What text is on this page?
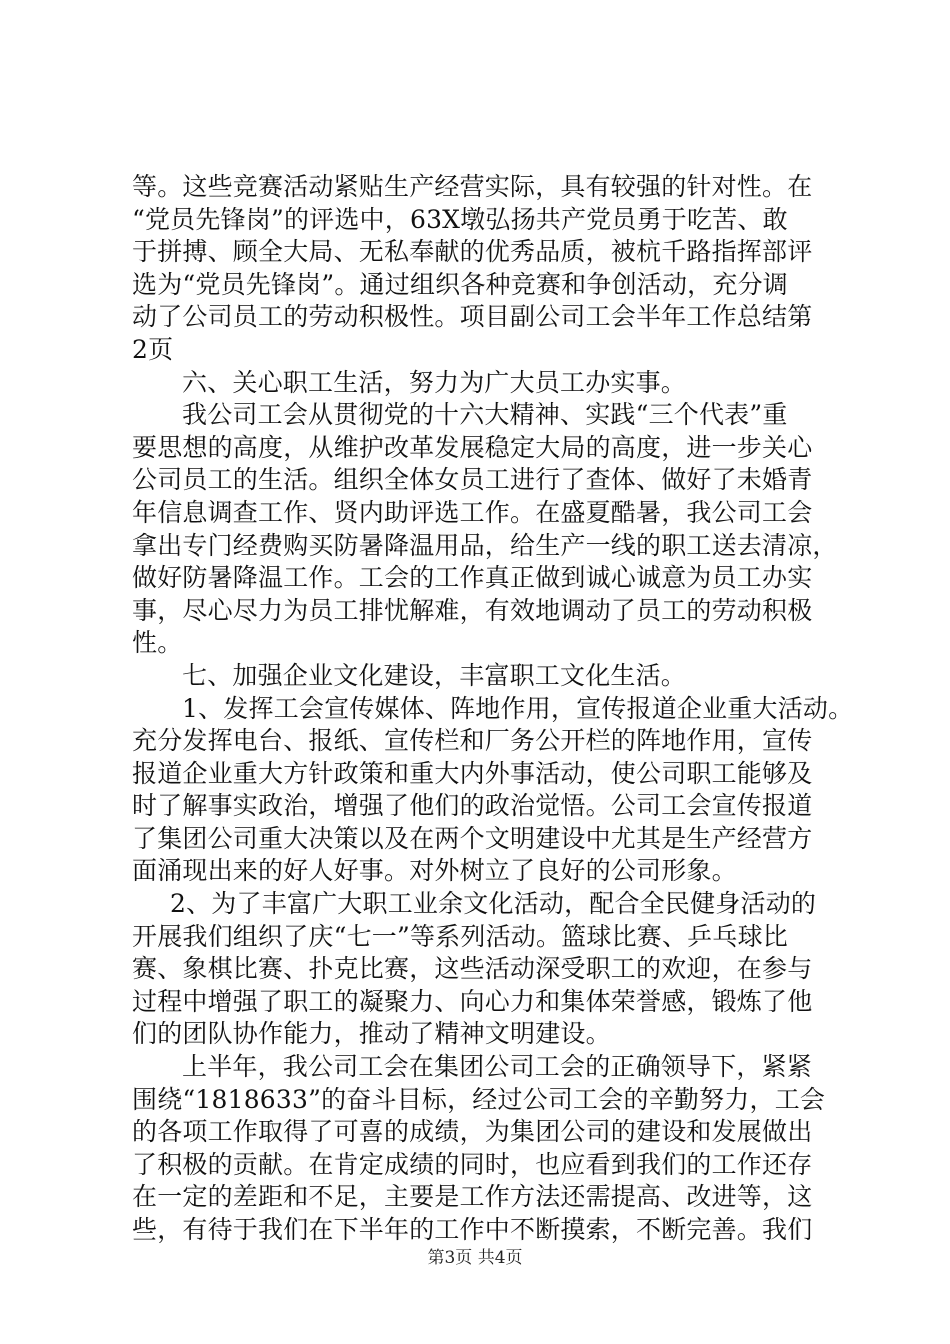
等。这些竞赛活动紧贴生产经营实际，具有较强的针对性。在
“党员先锋岗”的评选中，63X墩弘扬共产党员勇于吃苦、敢
于拼搏、顾全大局、无私奉献的优秀品质，被杭千路指挥部评
选为“党员先锋岗”。通过组织各种竞赛和争创活动，充分调
动了公司员工的劳动积极性。项目副公司工会半年工作总结第
2页
六、关心职工生活，努力为广大员工办实事。
我公司工会从贯彻党的十六大精神、实践“三个代表”重
要思想的高度，从维护改革发展稳定大局的高度，进一步关心
公司员工的生活。组织全体女员工进行了查体、做好了未婚青
年信息调查工作、贤内助评选工作。在盛夏酷暑，我公司工会
拿出专门经费购买防暑降温用品，给生产一线的职工送去清凉，
做好防暑降温工作。工会的工作真正做到诚心诚意为员工办实
事，尽心尽力为员工排忧解难，有效地调动了员工的劳动积极
性。
七、加强企业文化建设，丰富职工文化生活。
1、发挥工会宣传媒体、阵地作用，宣传报道企业重大活动。
充分发挥电台、报纸、宣传栏和厂务公开栏的阵地作用，宣传
报道企业重大方针政策和重大内外事活动，使公司职工能够及
时了解事实政治，增强了他们的政治觉悟。公司工会宣传报道
了集团公司重大决策以及在两个文明建设中尤其是生产经营方
面涌现出来的好人好事。对外树立了良好的公司形象。
2、为了丰富广大职工业余文化活动，配合全民健身活动的
开展我们组织了庆“七一”等系列活动。篮球比赛、乒乓球比
赛、象棋比赛、扑克比赛，这些活动深受职工的欢迎，在参与
过程中增强了职工的凝聚力、向心力和集体荣誉感，锻炼了他
们的团队协作能力，推动了精神文明建设。
上半年，我公司工会在集团公司工会的正确领导下，紧紧
围绕“1818633”的奋斗目标，经过公司工会的辛勤努力，工会
的各项工作取得了可喜的成绩，为集团公司的建设和发展做出
了积极的贡献。在肯定成绩的同时，也应看到我们的工作还存
在一定的差距和不足，主要是工作方法还需提高、改进等，这
些，有待于我们在下半年的工作中不断摸索，不断完善。我们
第3页 共4页
